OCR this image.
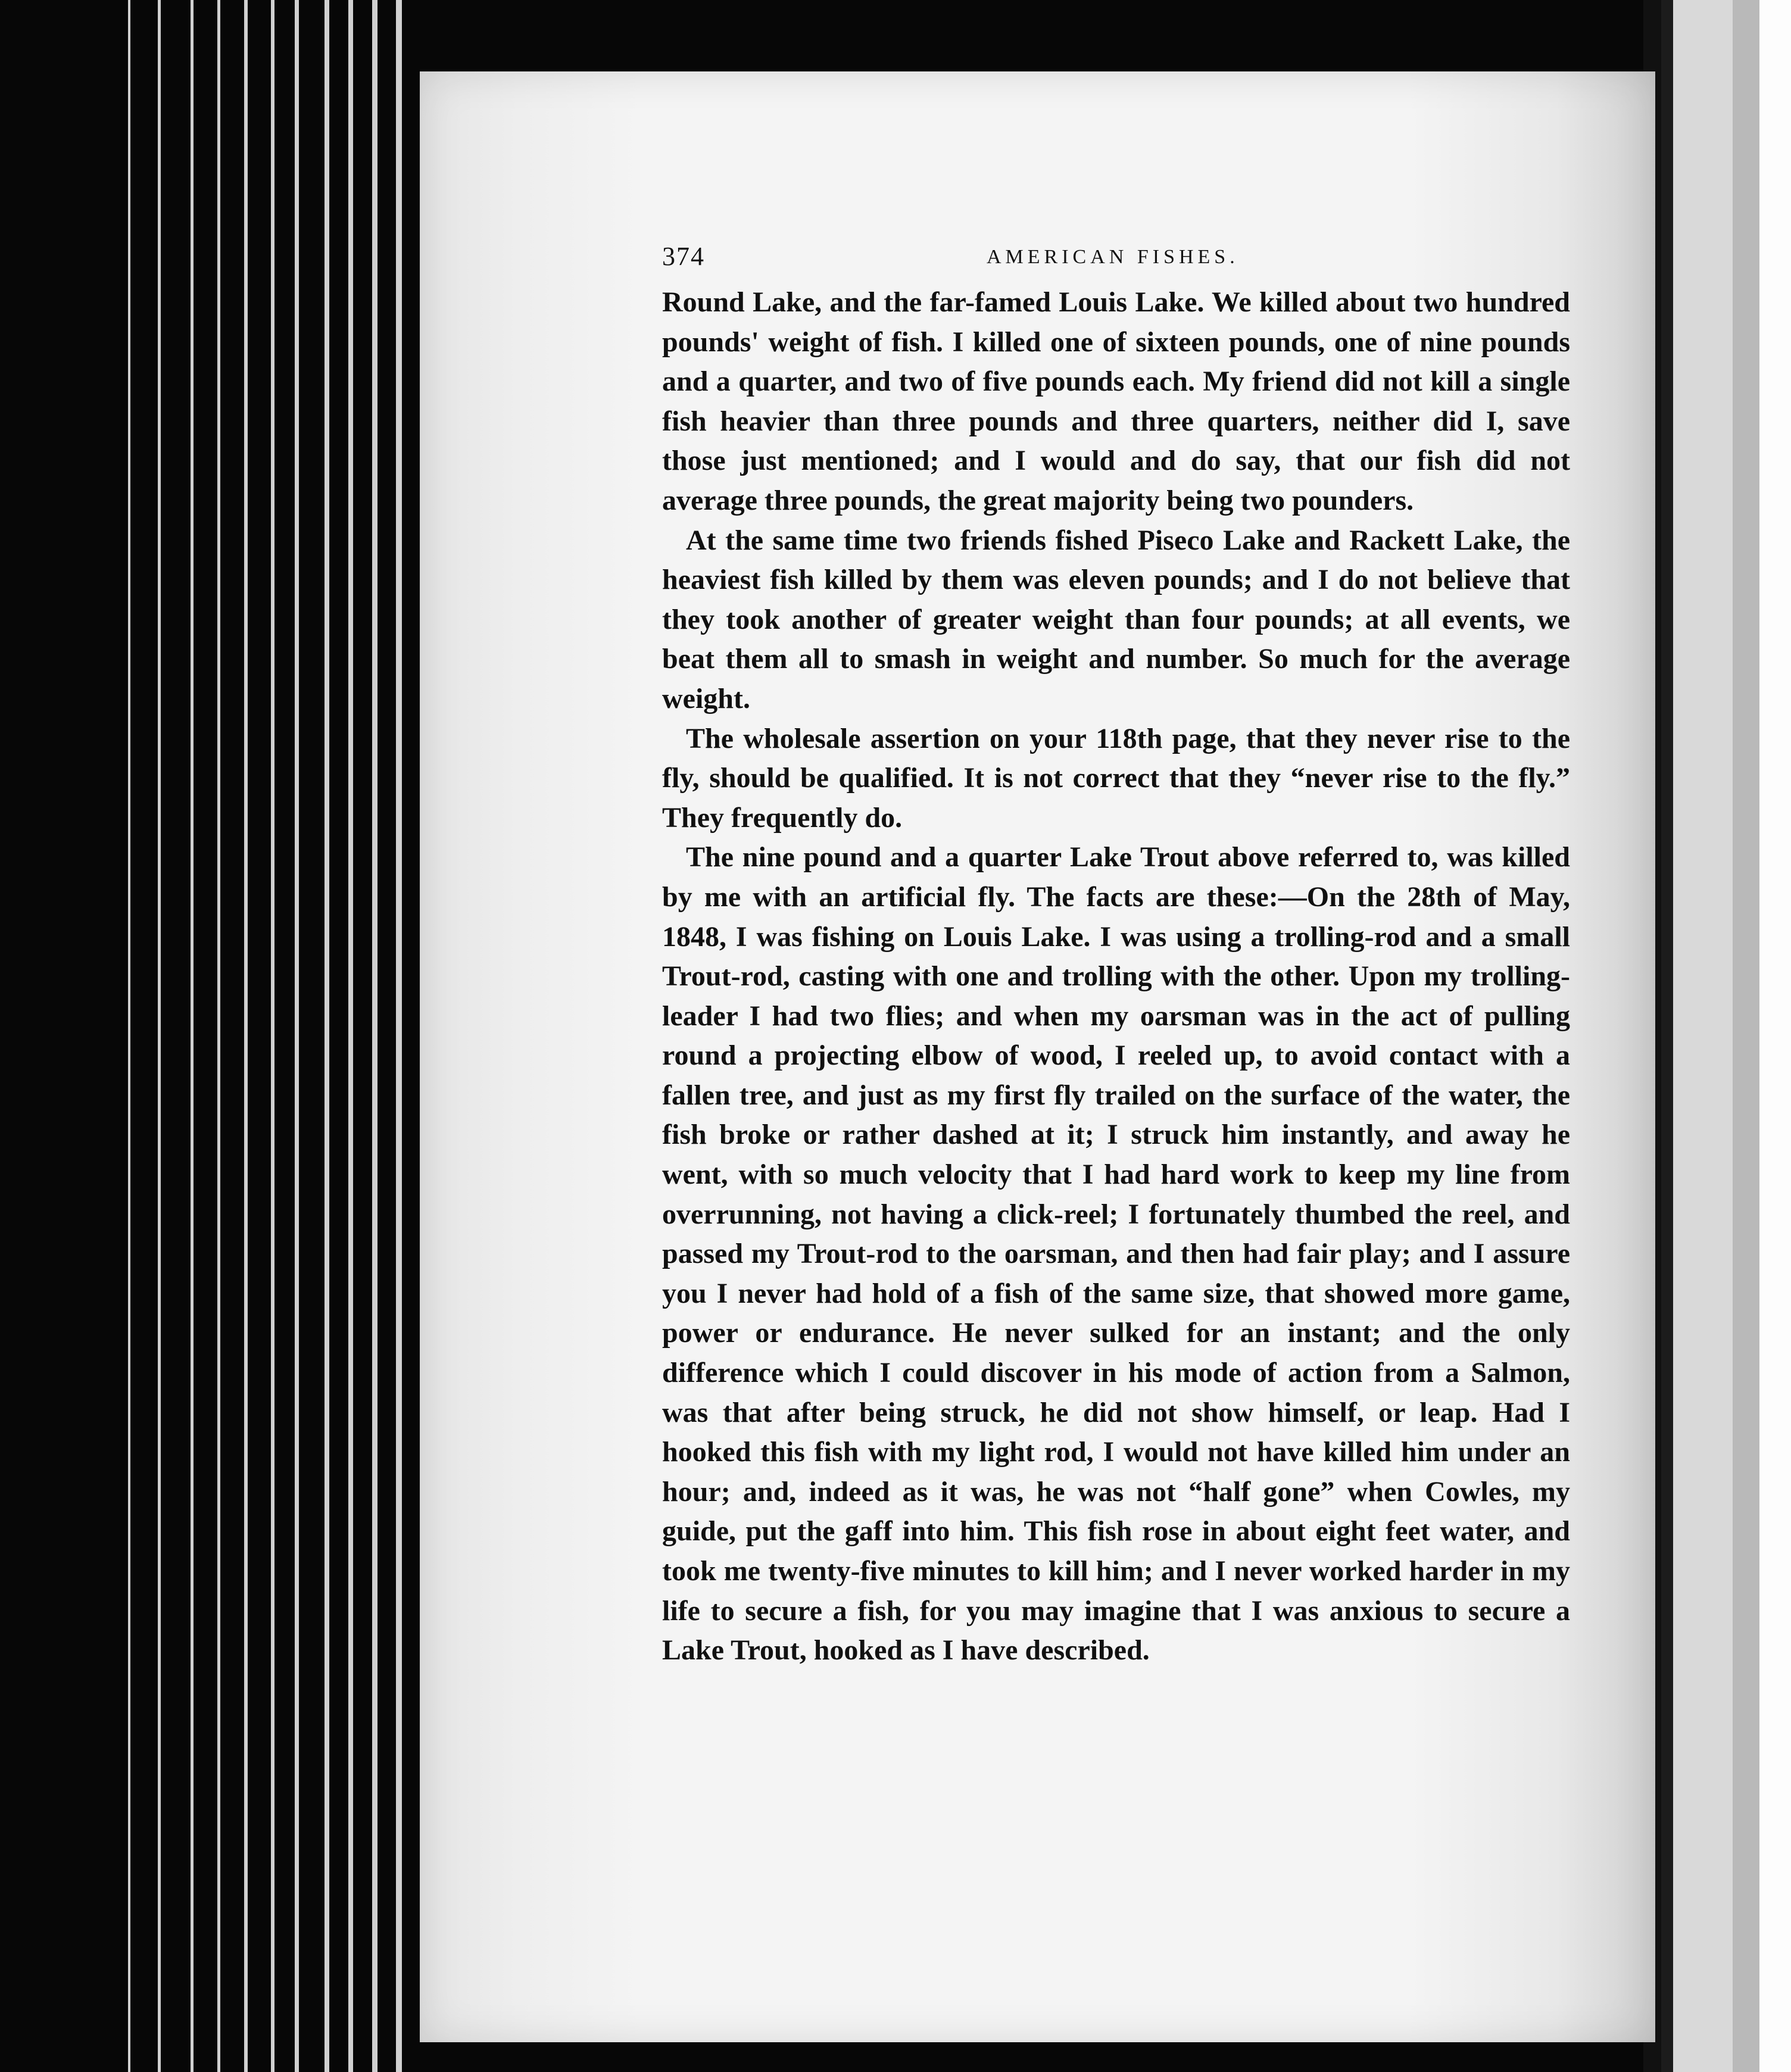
374	AMERICAN FISHES.

Round Lake, and the far-famed Louis Lake. We killed about two hundred pounds' weight of fish. I killed one of sixteen pounds, one of nine pounds and a quarter, and two of five pounds each. My friend did not kill a single fish heavier than three pounds and three quarters, neither did I, save those just mentioned; and I would and do say, that our fish did not average three pounds, the great majority being two pounders.

At the same time two friends fished Piseco Lake and Rackett Lake, the heaviest fish killed by them was eleven pounds; and I do not believe that they took another of greater weight than four pounds; at all events, we beat them all to smash in weight and number. So much for the average weight.

The wholesale assertion on your 118th page, that they never rise to the fly, should be qualified. It is not correct that they “never rise to the fly.” They frequently do.

The nine pound and a quarter Lake Trout above referred to, was killed by me with an artificial fly. The facts are these:—On the 28th of May, 1848, I was fishing on Louis Lake. I was using a trolling-rod and a small Trout-rod, casting with one and trolling with the other. Upon my trolling-leader I had two flies; and when my oarsman was in the act of pulling round a projecting elbow of wood, I reeled up, to avoid contact with a fallen tree, and just as my first fly trailed on the surface of the water, the fish broke or rather dashed at it; I struck him instantly, and away he went, with so much velocity that I had hard work to keep my line from overrunning, not having a click-reel; I fortunately thumbed the reel, and passed my Trout-rod to the oarsman, and then had fair play; and I assure you I never had hold of a fish of the same size, that showed more game, power or endurance. He never sulked for an instant; and the only difference which I could discover in his mode of action from a Salmon, was that after being struck, he did not show himself, or leap. Had I hooked this fish with my light rod, I would not have killed him under an hour; and, indeed as it was, he was not “half gone” when Cowles, my guide, put the gaff into him. This fish rose in about eight feet water, and took me twenty-five minutes to kill him; and I never worked harder in my life to secure a fish, for you may imagine that I was anxious to secure a Lake Trout, hooked as I have described.
